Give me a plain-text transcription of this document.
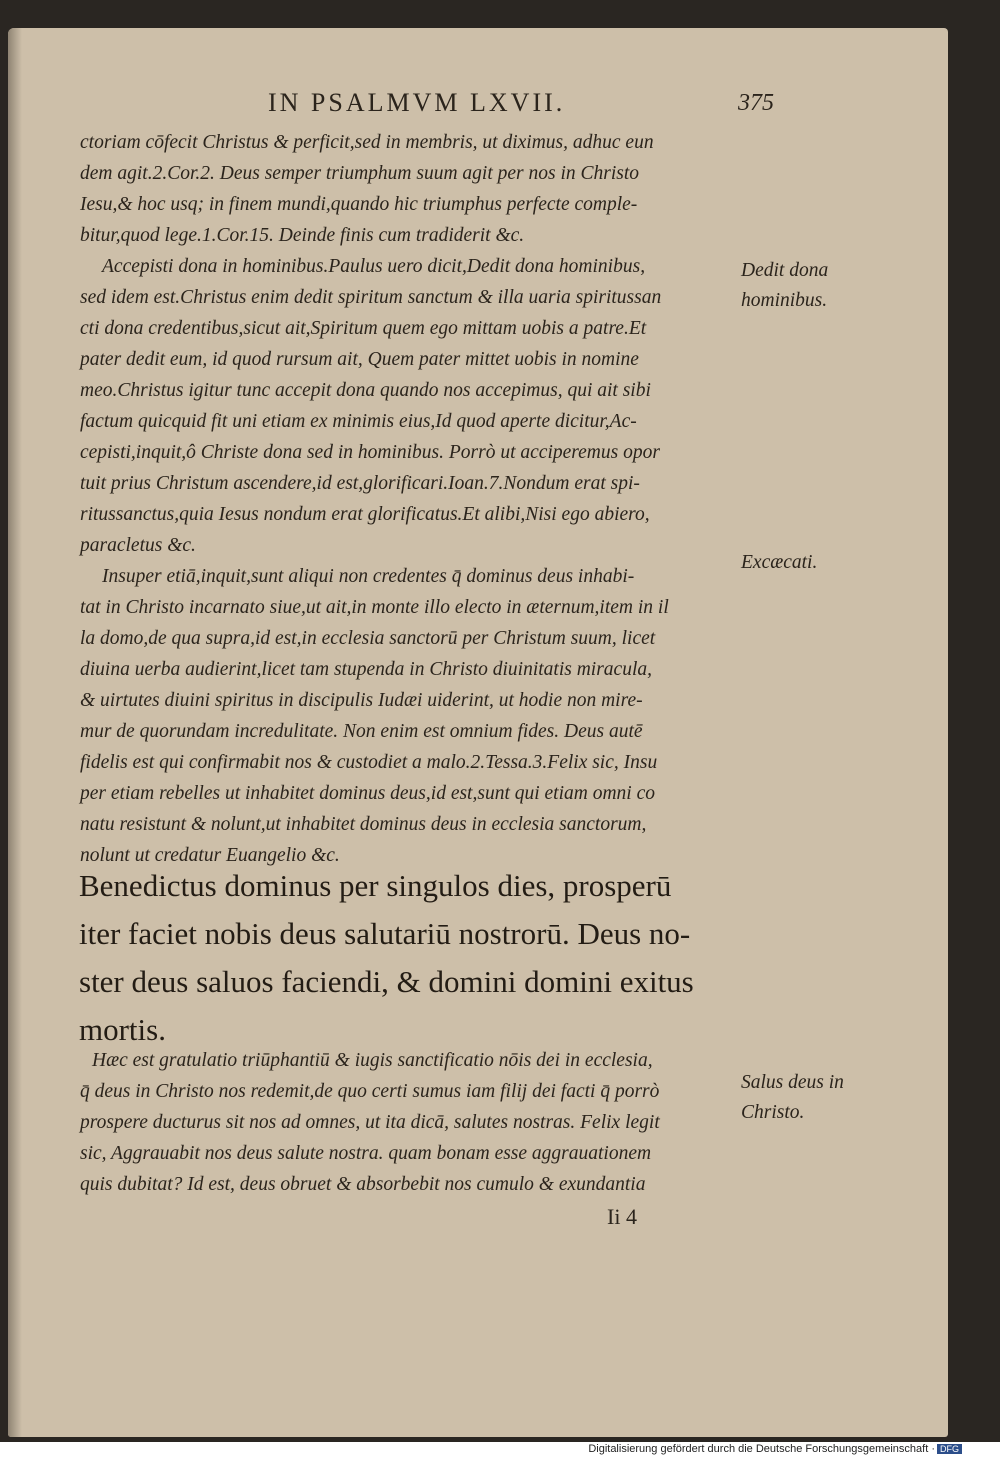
IN PSALMVM LXVII.	375
ctoriam cōfecit Christus & perficit,sed in membris, ut diximus, adhuc eun
dem agit.2.Cor.2. Deus semper triumphum suum agit per nos in Christo
Iesu,& hoc usq; in finem mundi,quando hic triumphus perfecte comple-
bitur,quod lege.1.Cor.15. Deinde finis cum tradiderit &c.
Accepisti dona in hominibus.Paulus uero dicit,Dedit dona hominibus,
sed idem est.Christus enim dedit spiritum sanctum & illa uaria spiritussan
cti dona credentibus,sicut ait,Spiritum quem ego mittam uobis a patre.Et
pater dedit eum, id quod rursum ait, Quem pater mittet uobis in nomine
meo.Christus igitur tunc accepit dona quando nos accepimus, qui ait sibi
factum quicquid fit uni etiam ex minimis eius,Id quod aperte dicitur,Ac-
cepisti,inquit,ô Christe dona sed in hominibus. Porrò ut acciperemus opor
tuit prius Christum ascendere,id est,glorificari.Ioan.7.Nondum erat spi-
ritussanctus,quia Iesus nondum erat glorificatus.Et alibi,Nisi ego abiero,
paracletus &c.
Insuper etiā,inquit,sunt aliqui non credentes q̄ dominus deus inhabi-
tat in Christo incarnato siue,ut ait,in monte illo electo in æternum,item in il
la domo,de qua supra,id est,in ecclesia sanctorū per Christum suum, licet
diuina uerba audierint,licet tam stupenda in Christo diuinitatis miracula,
& uirtutes diuini spiritus in discipulis Iudæi uiderint, ut hodie non mire-
mur de quorundam incredulitate. Non enim est omnium fides. Deus autē
fidelis est qui confirmabit nos & custodiet a malo.2.Tessa.3.Felix sic, Insu
per etiam rebelles ut inhabitet dominus deus,id est,sunt qui etiam omni co
natu resistunt & nolunt,ut inhabitet dominus deus in ecclesia sanctorum,
nolunt ut credatur Euangelio &c.
Benedictus dominus per singulos dies, prosperū
iter faciet nobis deus salutariū nostrorū. Deus no-
ster deus saluos faciendi, & domini domini exitus
mortis.
Hæc est gratulatio triūphantiū & iugis sanctificatio nōis dei in ecclesia,
q̄ deus in Christo nos redemit,de quo certi sumus iam filij dei facti q̄ porrò
prospere ducturus sit nos ad omnes, ut ita dicā, salutes nostras. Felix legit
sic, Aggrauabit nos deus salute nostra. quam bonam esse aggrauationem
quis dubitat? Id est, deus obruet & absorbebit nos cumulo & exundantia
Dedit dona
hominibus.
Excæcati.
Salus deus in
Christo.
Ii 4
Digitalisierung gefördert durch die Deutsche Forschungsgemeinschaft · DFG
